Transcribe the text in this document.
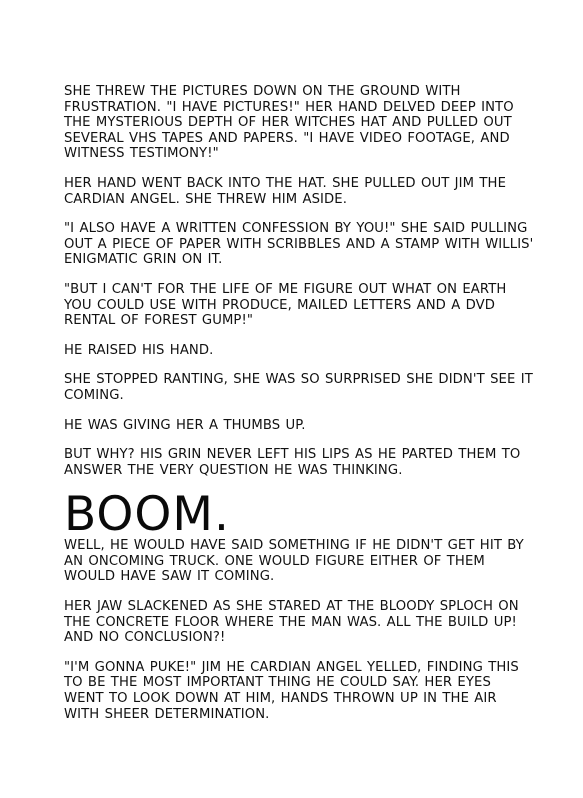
SHE THREW THE PICTURES DOWN ON THE GROUND WITH FRUSTRATION. "I HAVE PICTURES!" HER HAND DELVED DEEP INTO THE MYSTERIOUS DEPTH OF HER WITCHES HAT AND PULLED OUT SEVERAL VHS TAPES AND PAPERS. "I HAVE VIDEO FOOTAGE, AND WITNESS TESTIMONY!"

HER HAND WENT BACK INTO THE HAT. SHE PULLED OUT JIM THE CARDIAN ANGEL. SHE THREW HIM ASIDE.

"I ALSO HAVE A WRITTEN CONFESSION BY YOU!" SHE SAID PULLING OUT A PIECE OF PAPER WITH SCRIBBLES AND A STAMP WITH WILLIS' ENIGMATIC GRIN ON IT.

"BUT I CAN'T FOR THE LIFE OF ME FIGURE OUT WHAT ON EARTH YOU COULD USE WITH PRODUCE, MAILED LETTERS AND A DVD RENTAL OF FOREST GUMP!"

HE RAISED HIS HAND.

SHE STOPPED RANTING, SHE WAS SO SURPRISED SHE DIDN'T SEE IT COMING.

HE WAS GIVING HER A THUMBS UP.

BUT WHY? HIS GRIN NEVER LEFT HIS LIPS AS HE PARTED THEM TO ANSWER THE VERY QUESTION HE WAS THINKING.

BOOM.

WELL, HE WOULD HAVE SAID SOMETHING IF HE DIDN'T GET HIT BY AN ONCOMING TRUCK. ONE WOULD FIGURE EITHER OF THEM WOULD HAVE SAW IT COMING.

HER JAW SLACKENED AS SHE STARED AT THE BLOODY SPLOCH ON THE CONCRETE FLOOR WHERE THE MAN WAS. ALL THE BUILD UP! AND NO CONCLUSION?!

"I'M GONNA PUKE!" JIM HE CARDIAN ANGEL YELLED, FINDING THIS TO BE THE MOST IMPORTANT THING HE COULD SAY. HER EYES WENT TO LOOK DOWN AT HIM, HANDS THROWN UP IN THE AIR WITH SHEER DETERMINATION.
